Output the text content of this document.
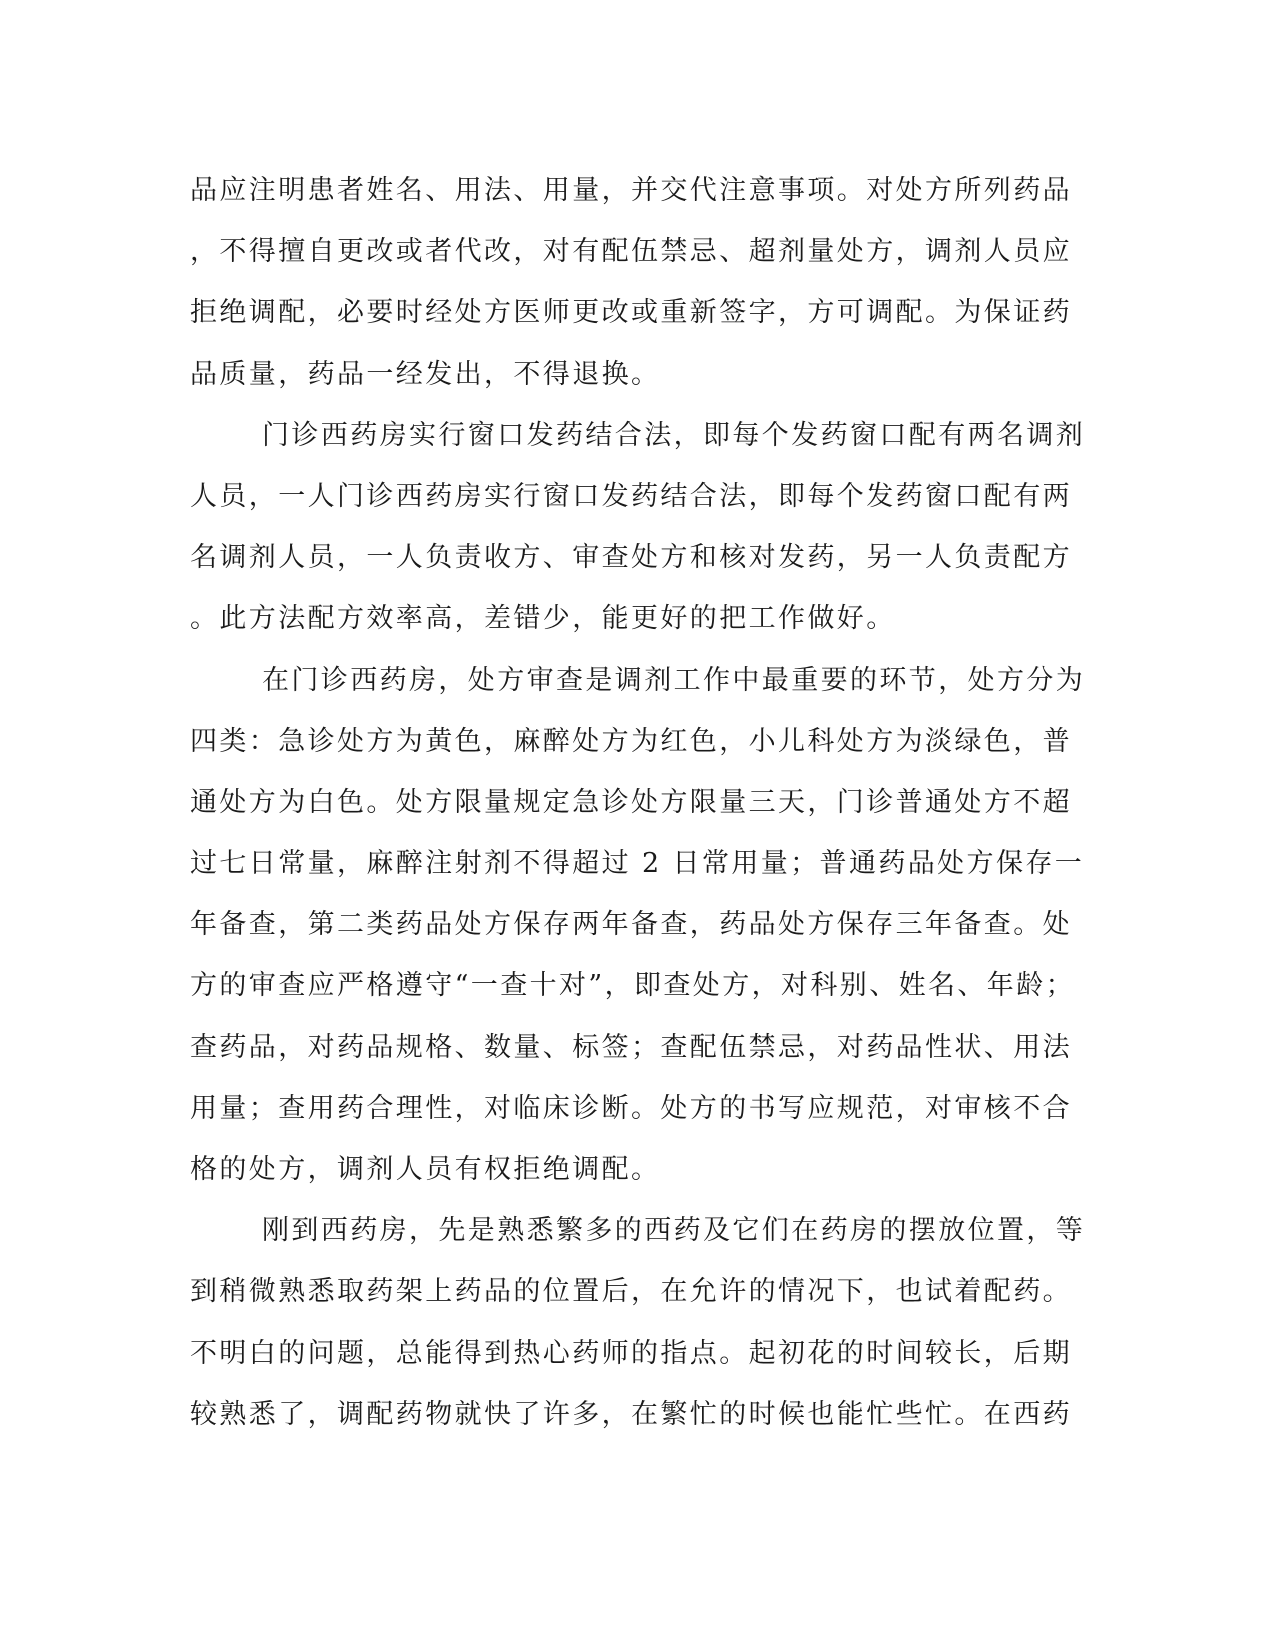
品应注明患者姓名、用法、用量，并交代注意事项。对处方所列药品
，不得擅自更改或者代改，对有配伍禁忌、超剂量处方，调剂人员应
拒绝调配，必要时经处方医师更改或重新签字，方可调配。为保证药
品质量，药品一经发出，不得退换。
门诊西药房实行窗口发药结合法，即每个发药窗口配有两名调剂
人员，一人门诊西药房实行窗口发药结合法，即每个发药窗口配有两
名调剂人员，一人负责收方、审查处方和核对发药，另一人负责配方
。此方法配方效率高，差错少，能更好的把工作做好。
在门诊西药房，处方审查是调剂工作中最重要的环节，处方分为
四类：急诊处方为黄色，麻醉处方为红色，小儿科处方为淡绿色，普
通处方为白色。处方限量规定急诊处方限量三天，门诊普通处方不超
过七日常量，麻醉注射剂不得超过 2 日常用量；普通药品处方保存一
年备查，第二类药品处方保存两年备查，药品处方保存三年备查。处
方的审查应严格遵守“一查十对”，即查处方，对科别、姓名、年龄；
查药品，对药品规格、数量、标签；查配伍禁忌，对药品性状、用法
用量；查用药合理性，对临床诊断。处方的书写应规范，对审核不合
格的处方，调剂人员有权拒绝调配。
刚到西药房，先是熟悉繁多的西药及它们在药房的摆放位置，等
到稍微熟悉取药架上药品的位置后，在允许的情况下，也试着配药。
不明白的问题，总能得到热心药师的指点。起初花的时间较长，后期
较熟悉了，调配药物就快了许多，在繁忙的时候也能忙些忙。在西药
